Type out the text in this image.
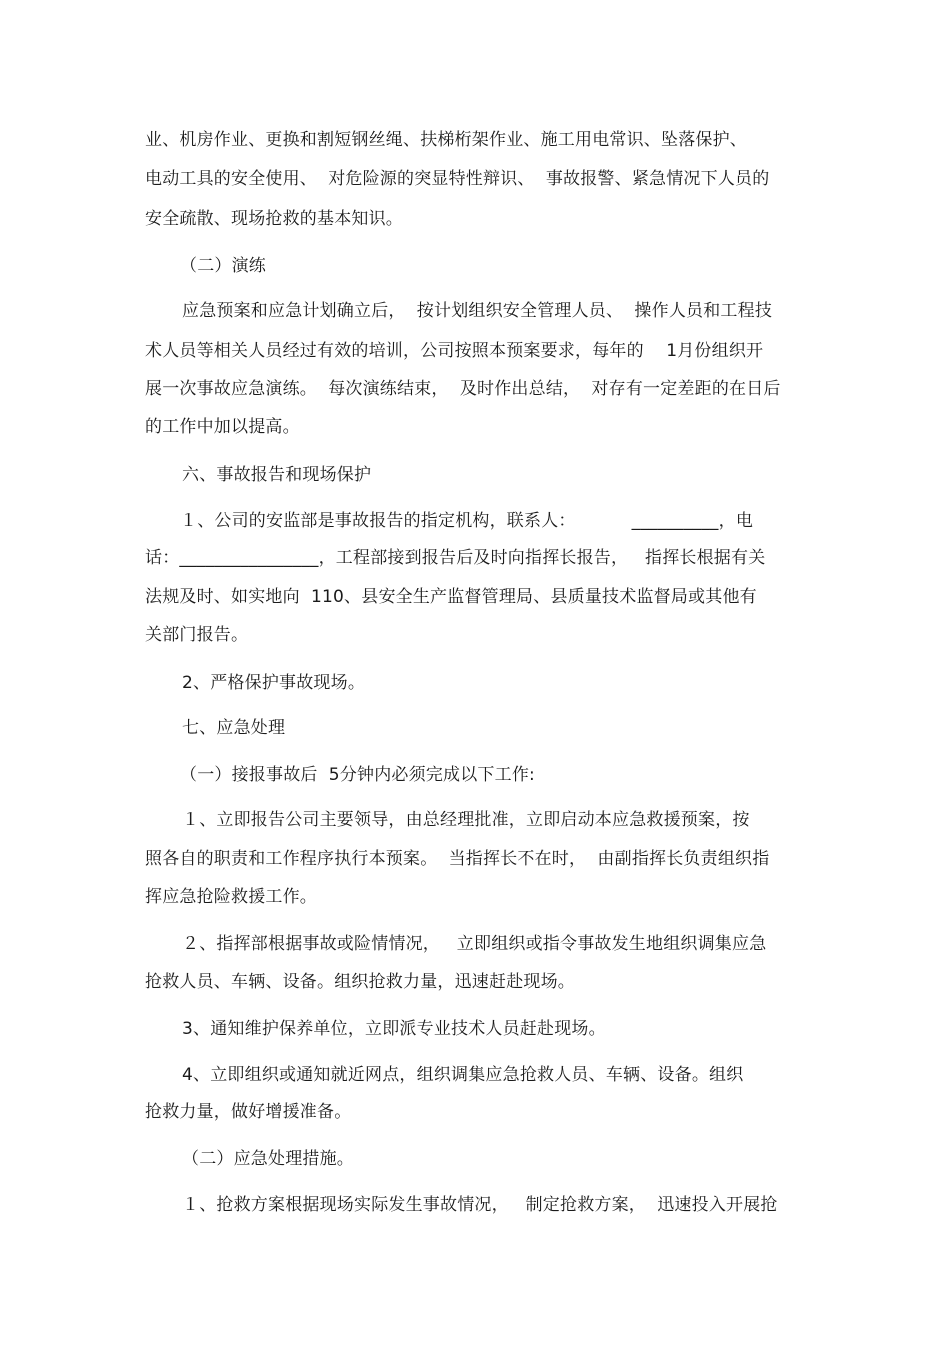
业、机房作业、更换和割短钢丝绳、扶梯桁架作业、施工用电常识、坠落保护、
电动工具的安全使用、  对危险源的突显特性辩识、  事故报警、紧急情况下人员的
安全疏散、现场抢救的基本知识。
（二）演练
应急预案和应急计划确立后，  按计划组织安全管理人员、  操作人员和工程技
术人员等相关人员经过有效的培训，公司按照本预案要求，每年的    1月份组织开
展一次事故应急演练。  每次演练结束，  及时作出总结，  对存有一定差距的在日后
的工作中加以提高。
六、事故报告和现场保护
１、公司的安监部是事故报告的指定机构，联系人：          __________，电
话：________________，工程部接到报告后及时向指挥长报告，   指挥长根据有关
法规及时、如实地向  110、县安全生产监督管理局、县质量技术监督局或其他有
关部门报告。
2、严格保护事故现场。
七、应急处理
（一）接报事故后  5分钟内必须完成以下工作:
１、立即报告公司主要领导，由总经理批准，立即启动本应急救援预案，按
照各自的职责和工作程序执行本预案。  当指挥长不在时，  由副指挥长负责组织指
挥应急抢险救援工作。
２、指挥部根据事故或险情情况，   立即组织或指令事故发生地组织调集应急
抢救人员、车辆、设备。组织抢救力量，迅速赶赴现场。
3、通知维护保养单位，立即派专业技术人员赶赴现场。
4、立即组织或通知就近网点，组织调集应急抢救人员、车辆、设备。组织
抢救力量，做好增援准备。
（二）应急处理措施。
１、抢救方案根据现场实际发生事故情况，   制定抢救方案，  迅速投入开展抢
